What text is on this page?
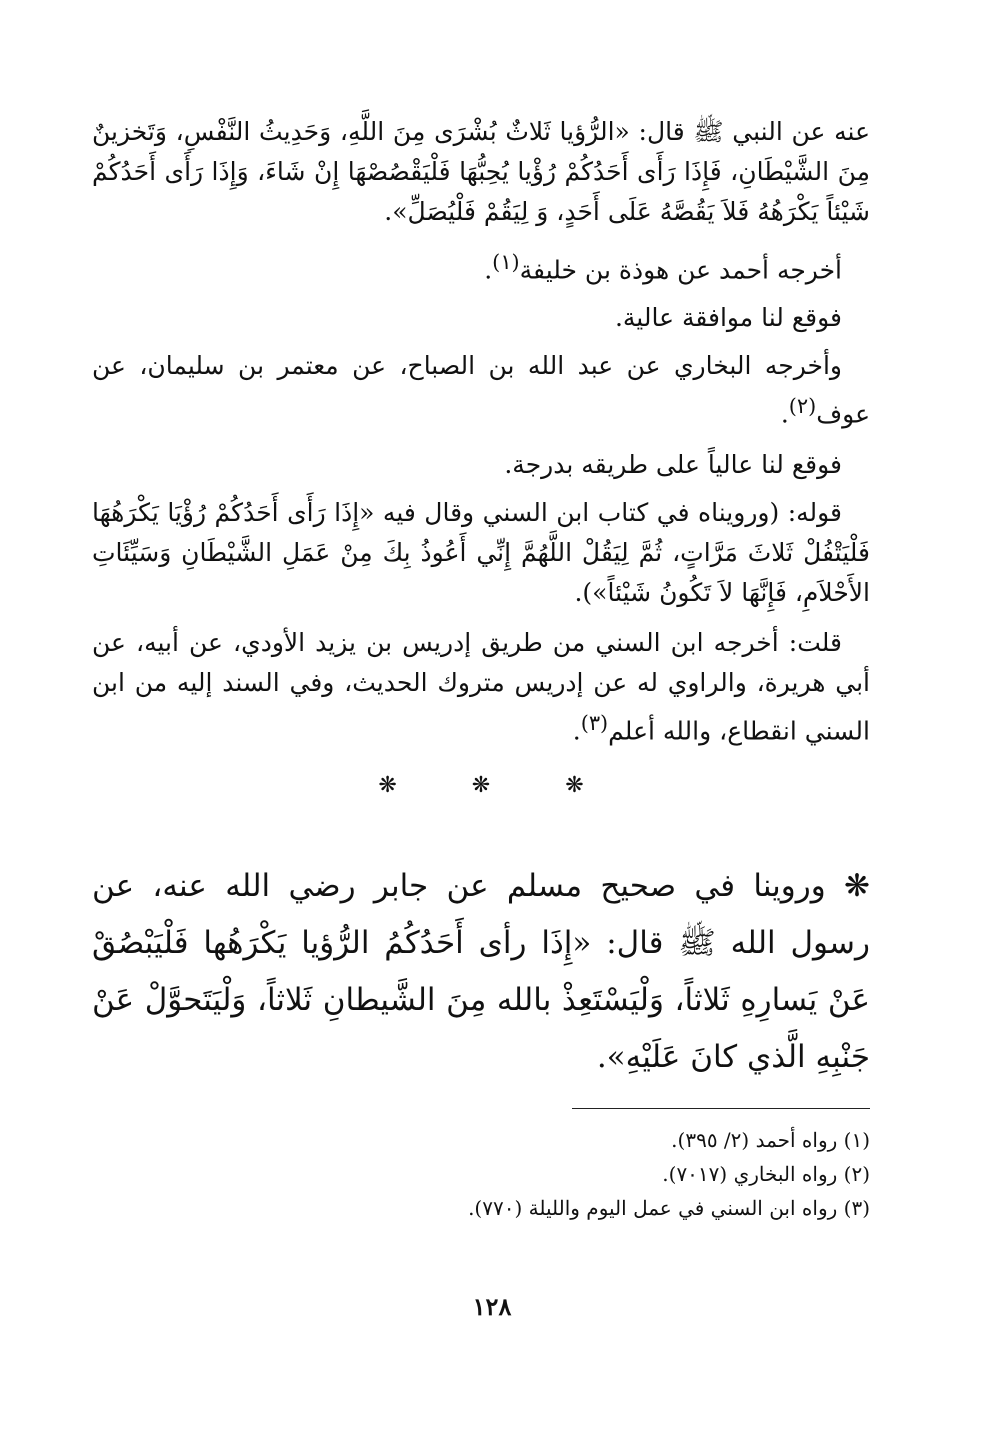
عنه عن النبي ﷺ قال: «الرُّؤيا ثَلاثٌ بُشْرَى مِنَ اللَّهِ، وَحَدِيثُ النَّفْسِ، وَتَخزينٌ مِنَ الشَّيْطَانِ، فَإِذَا رَأَى أَحَدُكُمْ رُؤْيا يُحِبُّهَا فَلْيَقْصُصْهَا إِنْ شَاءَ، وَإِذَا رَأَى أَحَدُكُمْ شَيْئاً يَكْرَهُهُ فَلاَ يَقُصَّهُ عَلَى أَحَدٍ، وَ لِيَقُمْ فَلْيُصَلِّ».

أخرجه أحمد عن هوذة بن خليفة$^{(١)}$.

فوقع لنا موافقة عالية.

وأخرجه البخاري عن عبد الله بن الصباح، عن معتمر بن سليمان، عن عوف$^{(٢)}$.

فوقع لنا عالياً على طريقه بدرجة.

قوله: (ورويناه في كتاب ابن السني وقال فيه «إِذَا رَأَى أَحَدُكُمْ رُؤْيَا يَكْرَهُهَا فَلْيَتْفُلْ ثَلاثَ مَرَّاتٍ، ثُمَّ لِيَقُلْ اللَّهُمَّ إِنِّي أَعُوذُ بِكَ مِنْ عَمَلِ الشَّيْطَانِ وَسَيِّئَاتِ الأَحْلاَمِ، فَإِنَّهَا لاَ تَكُونُ شَيْئاً»).

قلت: أخرجه ابن السني من طريق إدريس بن يزيد الأودي، عن أبيه، عن أبي هريرة، والراوي له عن إدريس متروك الحديث، وفي السند إليه من ابن السني انقطاع، والله أعلم$^{(٣)}$.

❋	❋	❋

❋ وروينا في صحيح مسلم عن جابر رضي الله عنه، عن رسول الله ﷺ قال: «إِذَا رأى أَحَدُكُمُ الرُّؤيا يَكْرَهُها فَلْيَبْصُقْ عَنْ يَسارِهِ ثَلاثاً، وَلْيَسْتَعِذْ بالله مِنَ الشَّيطانِ ثَلاثاً، وَلْيَتَحوَّلْ عَنْ جَنْبِهِ الَّذي كانَ عَلَيْهِ».

(١) رواه أحمد (٢/ ٣٩٥).
(٢) رواه البخاري (٧٠١٧).
(٣) رواه ابن السني في عمل اليوم والليلة (٧٧٠).
١٢٨
